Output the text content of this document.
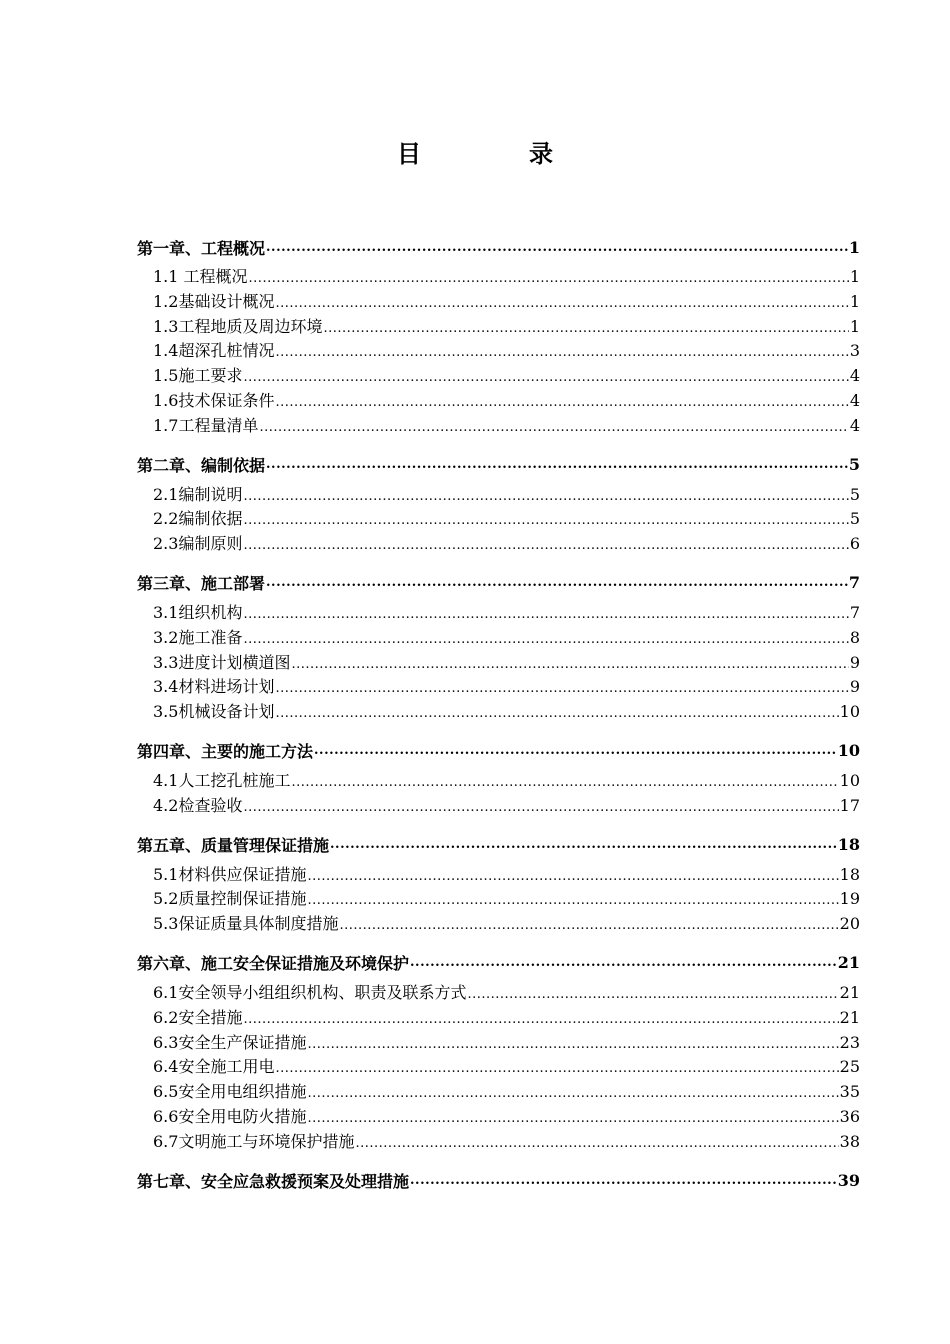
目　录
第一章、工程概况 .....	1
1.1 工程概况 .....	1
1.2基础设计概况 .....	1
1.3工程地质及周边环境 .....	1
1.4超深孔桩情况 .....	3
1.5施工要求 .....	4
1.6技术保证条件 .....	4
1.7工程量清单 .....	4
第二章、编制依据 .....	5
2.1编制说明 .....	5
2.2编制依据 .....	5
2.3编制原则 .....	6
第三章、施工部署 .....	7
3.1组织机构 .....	7
3.2施工准备 .....	8
3.3进度计划横道图 .....	9
3.4材料进场计划 .....	9
3.5机械设备计划 .....	10
第四章、主要的施工方法 .....	10
4.1人工挖孔桩施工 .....	10
4.2检查验收 .....	17
第五章、质量管理保证措施 .....	18
5.1材料供应保证措施 .....	18
5.2质量控制保证措施 .....	19
5.3保证质量具体制度措施 .....	20
第六章、施工安全保证措施及环境保护 .....	21
6.1安全领导小组组织机构、职责及联系方式 .....	21
6.2安全措施 .....	21
6.3安全生产保证措施 .....	23
6.4安全施工用电 .....	25
6.5安全用电组织措施 .....	35
6.6安全用电防火措施 .....	36
6.7文明施工与环境保护措施 .....	38
第七章、安全应急救援预案及处理措施 .....	39
